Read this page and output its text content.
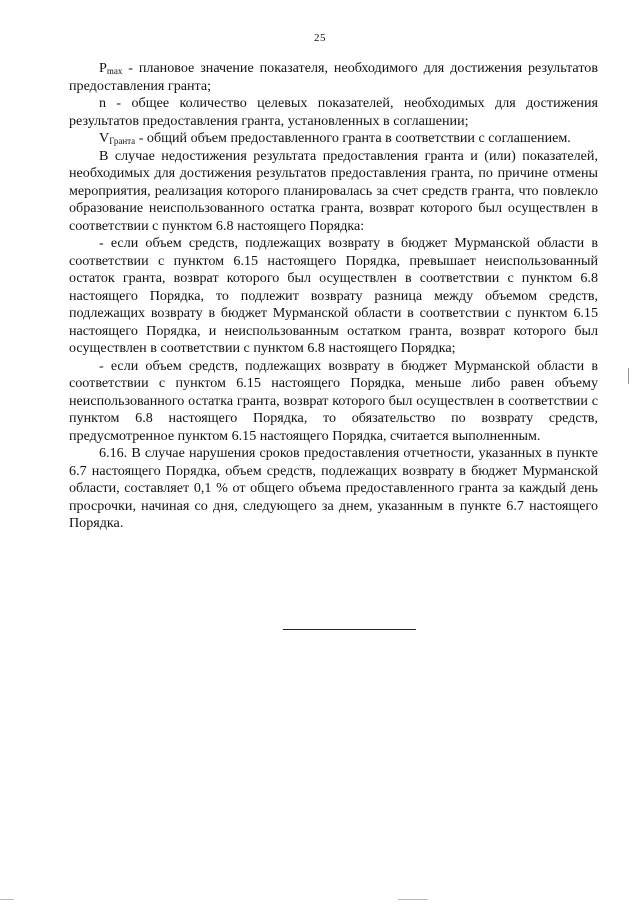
25

$P_{max}$ - плановое значение показателя, необходимого для достижения результатов предоставления гранта;

n - общее количество целевых показателей, необходимых для достижения результатов предоставления гранта, установленных в соглашении;

$V_{Гранта}$ - общий объем предоставленного гранта в соответствии с соглашением.

В случае недостижения результата предоставления гранта и (или) показателей, необходимых для достижения результатов предоставления гранта, по причине отмены мероприятия, реализация которого планировалась за счет средств гранта, что повлекло образование неиспользованного остатка гранта, возврат которого был осуществлен в соответствии с пунктом 6.8 настоящего Порядка:

- если объем средств, подлежащих возврату в бюджет Мурманской области в соответствии с пунктом 6.15 настоящего Порядка, превышает неиспользованный остаток гранта, возврат которого был осуществлен в соответствии с пунктом 6.8 настоящего Порядка, то подлежит возврату разница между объемом средств, подлежащих возврату в бюджет Мурманской области в соответствии с пунктом 6.15 настоящего Порядка, и неиспользованным остатком гранта, возврат которого был осуществлен в соответствии с пунктом 6.8 настоящего Порядка;

- если объем средств, подлежащих возврату в бюджет Мурманской области в соответствии с пунктом 6.15 настоящего Порядка, меньше либо равен объему неиспользованного остатка гранта, возврат которого был осуществлен в соответствии с пунктом 6.8 настоящего Порядка, то обязательство по возврату средств, предусмотренное пунктом 6.15 настоящего Порядка, считается выполненным.

6.16. В случае нарушения сроков предоставления отчетности, указанных в пункте 6.7 настоящего Порядка, объем средств, подлежащих возврату в бюджет Мурманской области, составляет 0,1 % от общего объема предоставленного гранта за каждый день просрочки, начиная со дня, следующего за днем, указанным в пункте 6.7 настоящего Порядка.
